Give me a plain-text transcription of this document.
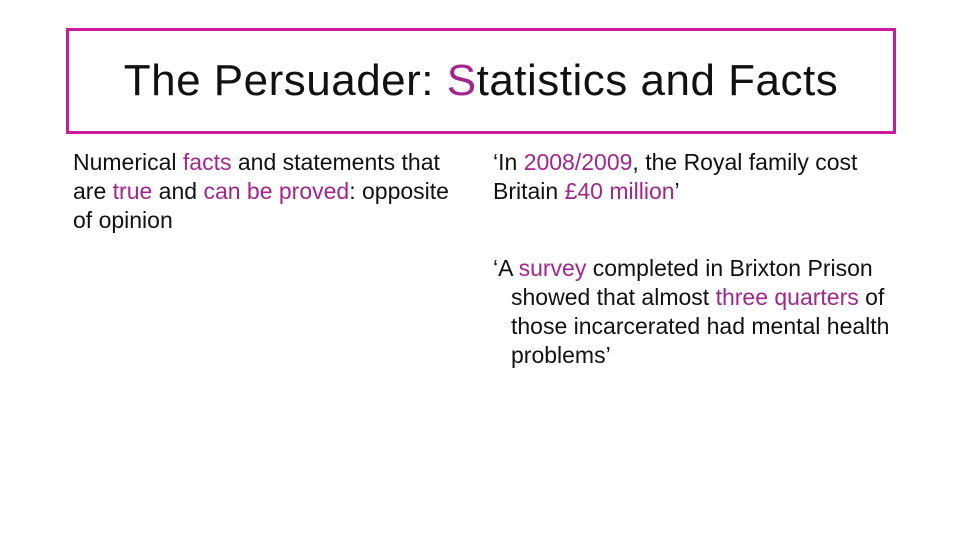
The Persuader: Statistics and Facts

Numerical facts and statements that are true and can be proved: opposite of opinion

‘In 2008/2009, the Royal family cost Britain £40 million’

‘A survey completed in Brixton Prison showed that almost three quarters of those incarcerated had mental health problems’
